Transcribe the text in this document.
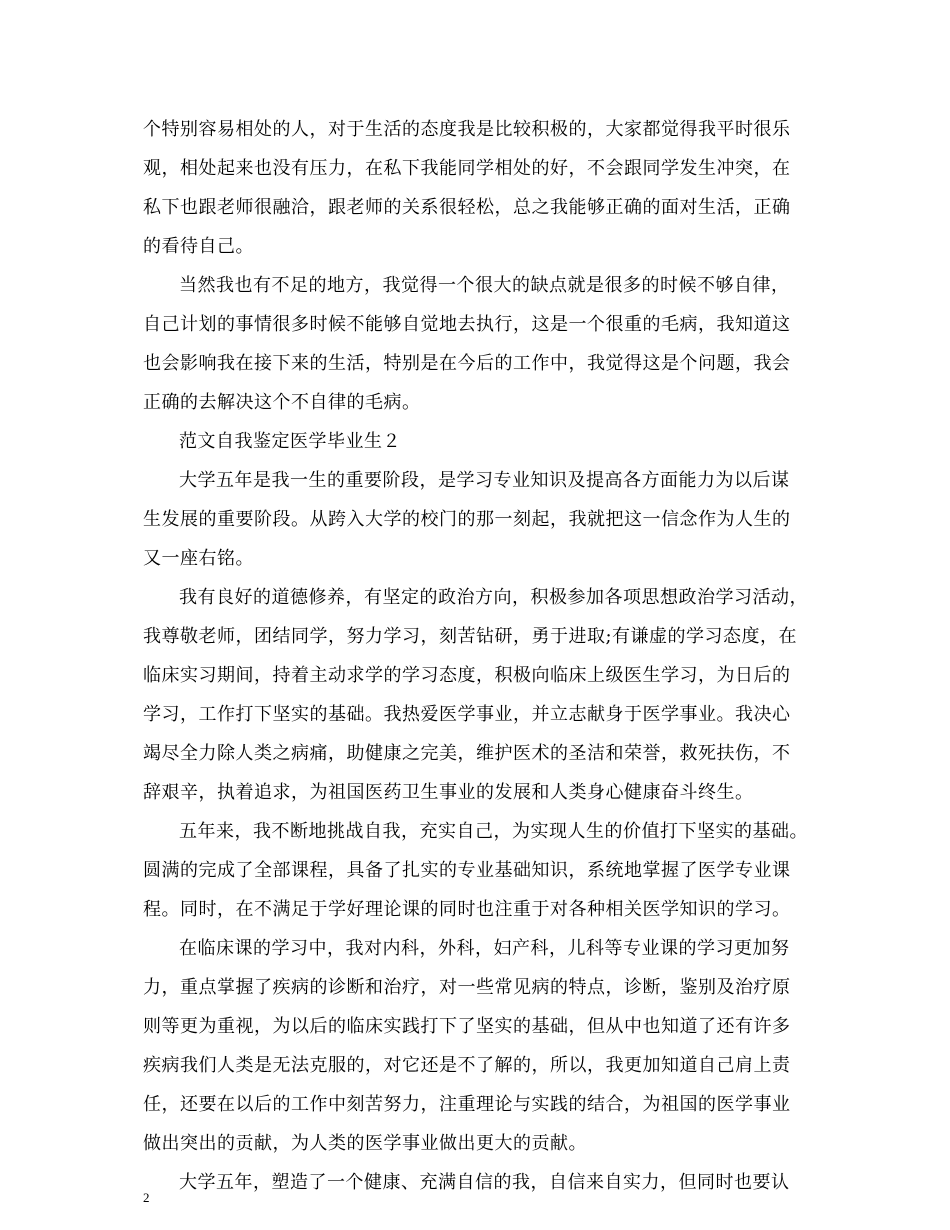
个特别容易相处的人，对于生活的态度我是比较积极的，大家都觉得我平时很乐
观，相处起来也没有压力，在私下我能同学相处的好，不会跟同学发生冲突，在
私下也跟老师很融洽，跟老师的关系很轻松，总之我能够正确的面对生活，正确
的看待自己。
当然我也有不足的地方，我觉得一个很大的缺点就是很多的时候不够自律，
自己计划的事情很多时候不能够自觉地去执行，这是一个很重的毛病，我知道这
也会影响我在接下来的生活，特别是在今后的工作中，我觉得这是个问题，我会
正确的去解决这个不自律的毛病。
范文自我鉴定医学毕业生２
大学五年是我一生的重要阶段，是学习专业知识及提高各方面能力为以后谋
生发展的重要阶段。从跨入大学的校门的那一刻起，我就把这一信念作为人生的
又一座右铭。
我有良好的道德修养，有坚定的政治方向，积极参加各项思想政治学习活动，
我尊敬老师，团结同学，努力学习，刻苦钻研，勇于进取;有谦虚的学习态度，在
临床实习期间，持着主动求学的学习态度，积极向临床上级医生学习，为日后的
学习，工作打下坚实的基础。我热爱医学事业，并立志献身于医学事业。我决心
竭尽全力除人类之病痛，助健康之完美，维护医术的圣洁和荣誉，救死扶伤，不
辞艰辛，执着追求，为祖国医药卫生事业的发展和人类身心健康奋斗终生。
五年来，我不断地挑战自我，充实自己，为实现人生的价值打下坚实的基础。
圆满的完成了全部课程，具备了扎实的专业基础知识，系统地掌握了医学专业课
程。同时，在不满足于学好理论课的同时也注重于对各种相关医学知识的学习。
在临床课的学习中，我对内科，外科，妇产科，儿科等专业课的学习更加努
力，重点掌握了疾病的诊断和治疗，对一些常见病的特点，诊断，鉴别及治疗原
则等更为重视，为以后的临床实践打下了坚实的基础，但从中也知道了还有许多
疾病我们人类是无法克服的，对它还是不了解的，所以，我更加知道自己肩上责
任，还要在以后的工作中刻苦努力，注重理论与实践的结合，为祖国的医学事业
做出突出的贡献，为人类的医学事业做出更大的贡献。
大学五年，塑造了一个健康、充满自信的我，自信来自实力，但同时也要认
2
